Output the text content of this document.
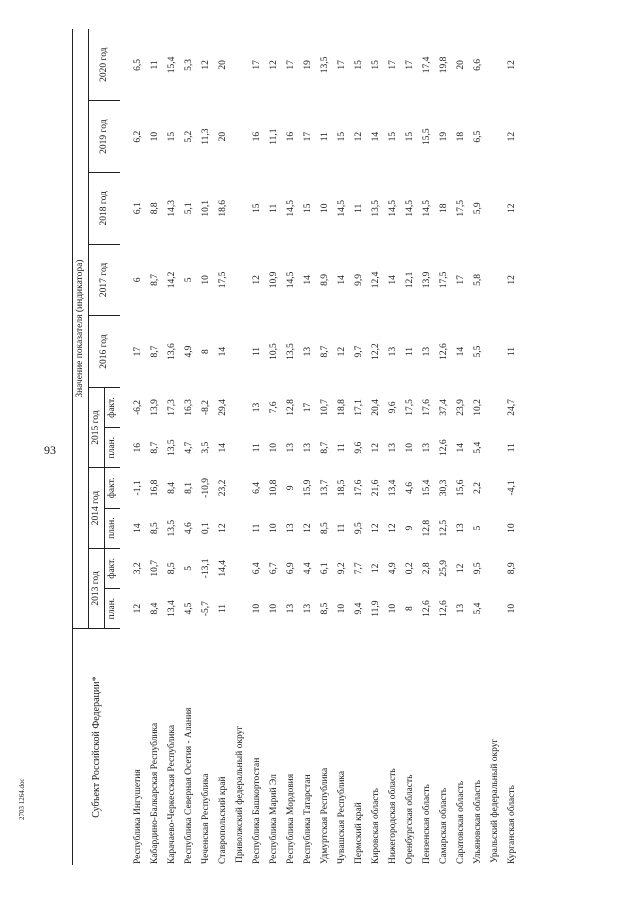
93
2703 1264.doc	Субъект Российской Федерации*	Значение показателя (индикатора)										
	2013 год		2014 год		2015 год		2016 год	2017 год	2018 год	2019 год	2020 год
	план.	факт.	план.	факт.	план.	факт.					

Республика Ингушетия	12	3,2	14	-1,1	16	-6,2	17	6	6,1	6,2	6,5
Кабардино-Балкарская Республика	8,4	10,7	8,5	16,8	8,7	13,9	8,7	8,7	8,8	10	11
Карачаево-Черкесская Республика	13,4	8,5	13,5	8,4	13,5	17,3	13,6	14,2	14,3	15	15,4
Республика Северная Осетия - Алания	4,5	5	4,6	8,1	4,7	16,3	4,9	5	5,1	5,2	5,3
Чеченская Республика	-5,7	-13,1	0,1	-10,9	3,5	-8,2	8	10	10,1	11,3	12
Ставропольский край	11	14,4	12	23,2	14	29,4	14	17,5	18,6	20	20
Приволжский федеральный округ											
Республика Башкортостан	10	6,4	11	6,4	11	13	11	12	15	16	17
Республика Марий Эл	10	6,7	10	10,8	10	7,6	10,5	10,9	11	11,1	12
Республика Мордовия	13	6,9	13	9	13	12,8	13,5	14,5	14,5	16	17
Республика Татарстан	13	4,4	12	15,9	13	17	13	14	15	17	19
Удмуртская Республика	8,5	6,1	8,5	13,7	8,7	10,7	8,7	8,9	10	11	13,5
Чувашская Республика	10	9,2	11	18,5	11	18,8	12	14	14,5	15	17
Пермский край	9,4	7,7	9,5	17,6	9,6	17,1	9,7	9,9	11	12	15
Кировская область	11,9	12	12	21,6	12	20,4	12,2	12,4	13,5	14	15
Нижегородская область	10	4,9	12	13,4	13	9,6	13	14	14,5	15	17
Оренбургская область	8	0,2	9	4,6	10	17,5	11	12,1	14,5	15	17
Пензенская область	12,6	2,8	12,8	15,4	13	17,6	13	13,9	14,5	15,5	17,4
Самарская область	12,6	25,9	12,5	30,3	12,6	37,4	12,6	17,5	18	19	19,8
Саратовская область	13	12	13	15,6	14	23,9	14	17	17,5	18	20
Ульяновская область	5,4	9,5	5	2,2	5,4	10,2	5,5	5,8	5,9	6,5	6,6
Уральский федеральный округ											
Курганская область	10	8,9	10	-4,1	11	24,7	11	12	12	12	12
